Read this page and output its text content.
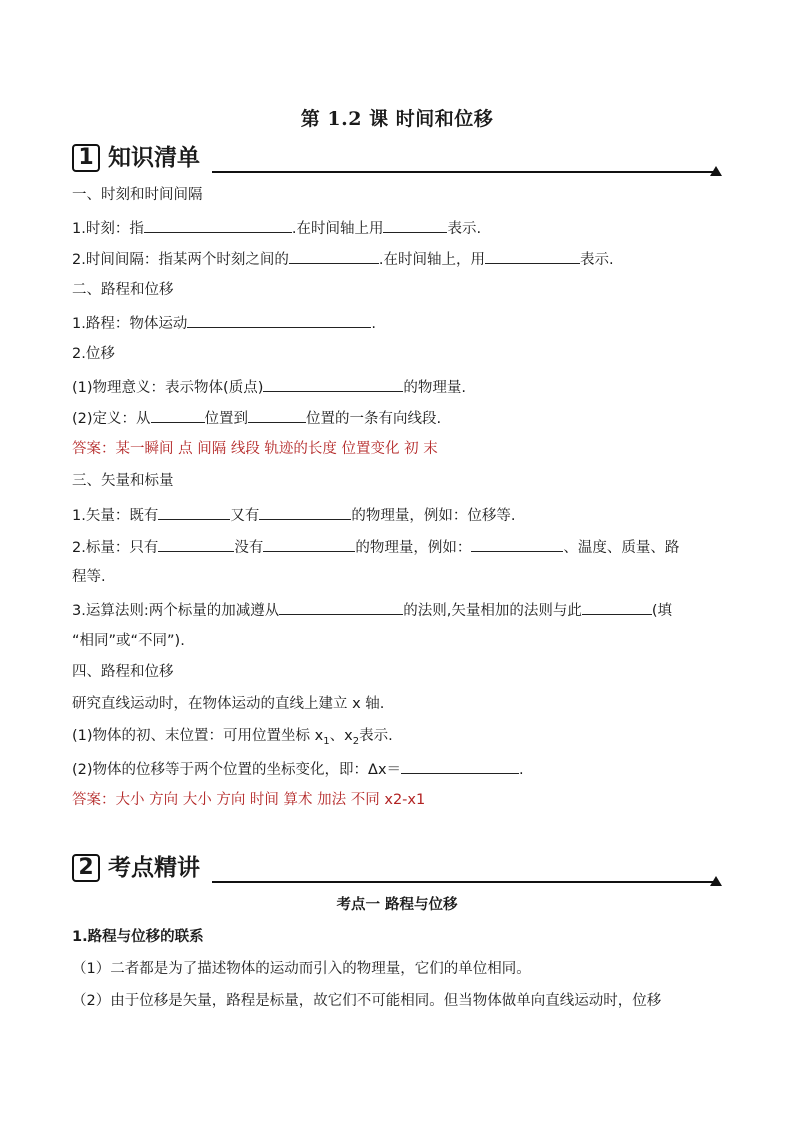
第 1.2 课 时间和位移
1 知识清单
一、时刻和时间间隔
1.时刻：指	.在时间轴上用	表示.
2.时间间隔：指某两个时刻之间的	.在时间轴上，用	表示.
二、路程和位移
1.路程：物体运动	.
2.位移
(1)物理意义：表示物体(质点)	的物理量.
(2)定义：从	位置到	位置的一条有向线段.
答案：某一瞬间 点 间隔 线段 轨迹的长度 位置变化 初 末
三、矢量和标量
1.矢量：既有	又有	的物理量，例如：位移等.
2.标量：只有	没有	的物理量，例如：	、温度、质量、路
程等.
3.运算法则:两个标量的加减遵从	的法则,矢量相加的法则与此	(填
“相同”或“不同”).
四、路程和位移
研究直线运动时，在物体运动的直线上建立 x 轴.
(1)物体的初、末位置：可用位置坐标 $x_1$、$x_2$表示.
(2)物体的位移等于两个位置的坐标变化，即：Δx＝	.
答案：大小 方向 大小 方向 时间 算术 加法 不同 x2-x1
2 考点精讲
考点一 路程与位移
1.路程与位移的联系
（1）二者都是为了描述物体的运动而引入的物理量，它们的单位相同。
（2）由于位移是矢量，路程是标量，故它们不可能相同。但当物体做单向直线运动时，位移
